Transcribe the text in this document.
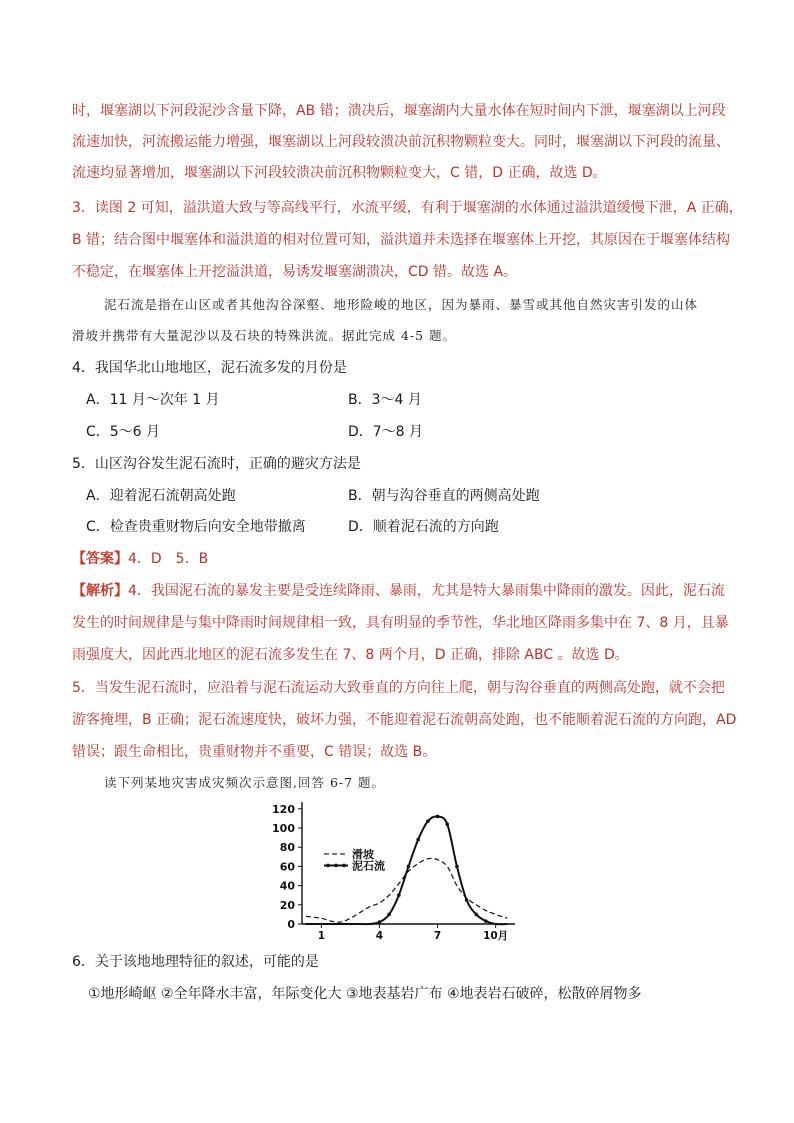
时，堰塞湖以下河段泥沙含量下降，AB 错；溃决后，堰塞湖内大量水体在短时间内下泄，堰塞湖以上河段
流速加快，河流搬运能力增强，堰塞湖以上河段较溃决前沉积物颗粒变大。同时，堰塞湖以下河段的流量、
流速均显著增加，堰塞湖以下河段较溃决前沉积物颗粒变大，C 错，D 正确，故选 D。
3．读图 2 可知，溢洪道大致与等高线平行，水流平缓，有利于堰塞湖的水体通过溢洪道缓慢下泄，A 正确，
B 错；结合图中堰塞体和溢洪道的相对位置可知，溢洪道并未选择在堰塞体上开挖，其原因在于堰塞体结构
不稳定，在堰塞体上开挖溢洪道，易诱发堰塞湖溃决，CD 错。故选 A。
泥石流是指在山区或者其他沟谷深壑、地形险峻的地区，因为暴雨、暴雪或其他自然灾害引发的山体
滑坡并携带有大量泥沙以及石块的特殊洪流。据此完成 4-5 题。
4．我国华北山地地区，泥石流多发的月份是
A．11 月～次年 1 月	B．3～4 月
C．5～6 月	D．7～8 月
5．山区沟谷发生泥石流时，正确的避灾方法是
A．迎着泥石流朝高处跑	B．朝与沟谷垂直的两侧高处跑
C．检查贵重财物后向安全地带撤离	D．顺着泥石流的方向跑
【答案】4．D　5．B
【解析】4．我国泥石流的暴发主要是受连续降雨、暴雨，尤其是特大暴雨集中降雨的激发。因此，泥石流
发生的时间规律是与集中降雨时间规律相一致，具有明显的季节性，华北地区降雨多集中在 7、8 月，且暴
雨强度大，因此西北地区的泥石流多发生在 7、8 两个月，D 正确，排除 ABC 。故选 D。
5．当发生泥石流时，应沿着与泥石流运动大致垂直的方向往上爬，朝与沟谷垂直的两侧高处跑，就不会把
游客掩埋，B 正确；泥石流速度快，破坏力强，不能迎着泥石流朝高处跑，也不能顺着泥石流的方向跑，AD
错误；跟生命相比，贵重财物并不重要，C 错误；故选 B。
读下列某地灾害成灾频次示意图,回答 6-7 题。
0
20
40
60
80
100
120
1	4	7	10月
滑坡
泥石流
6．关于该地地理特征的叙述，可能的是
①地形崎岖 ②全年降水丰富，年际变化大 ③地表基岩广布 ④地表岩石破碎，松散碎屑物多
